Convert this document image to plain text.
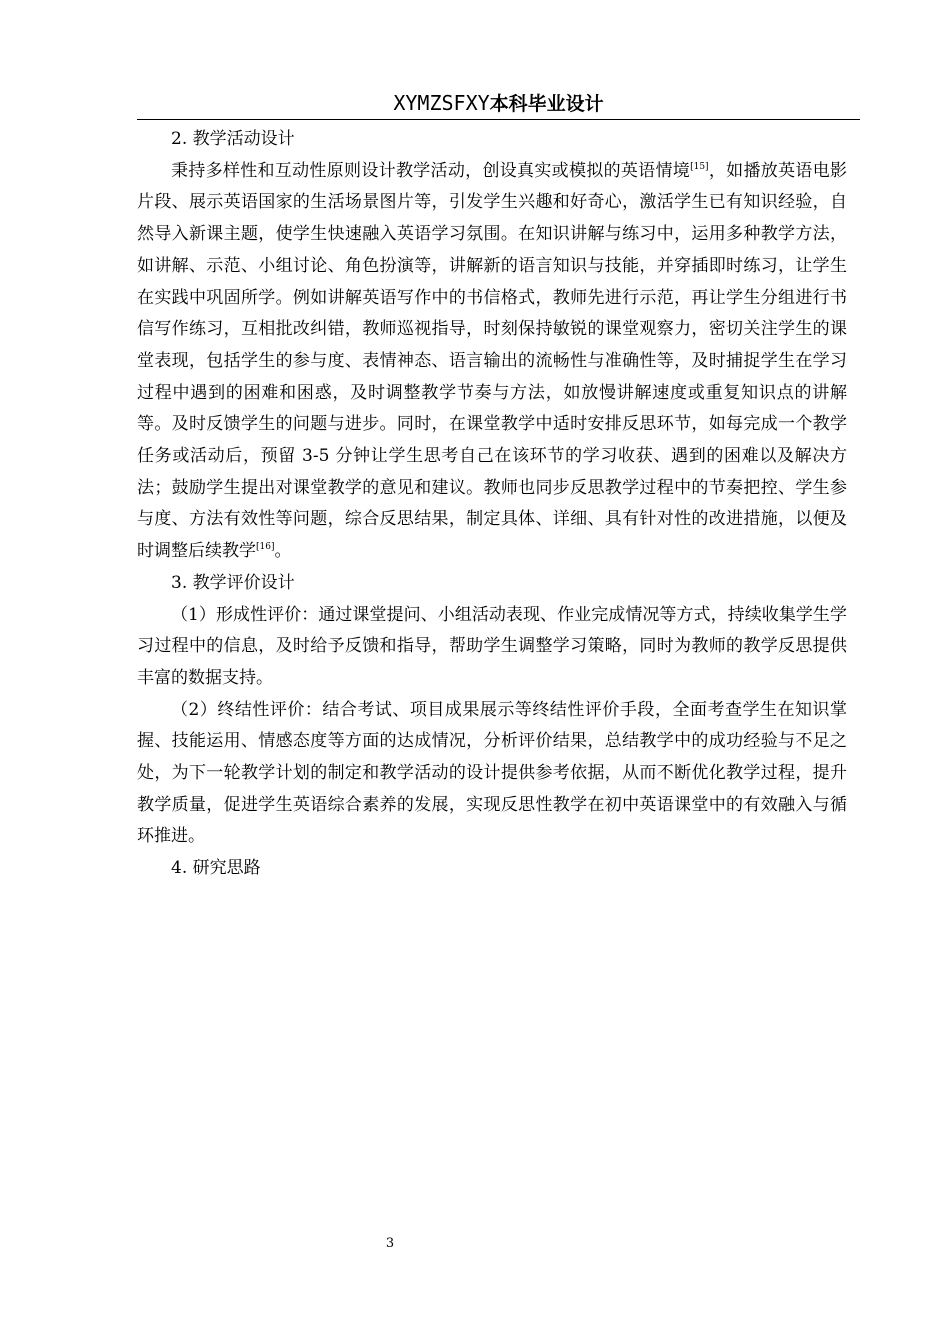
XYMZSFXY本科毕业设计

2. 教学活动设计

秉持多样性和互动性原则设计教学活动，创设真实或模拟的英语情境[15]，如播放英语电影片段、展示英语国家的生活场景图片等，引发学生兴趣和好奇心，激活学生已有知识经验，自然导入新课主题，使学生快速融入英语学习氛围。在知识讲解与练习中，运用多种教学方法，如讲解、示范、小组讨论、角色扮演等，讲解新的语言知识与技能，并穿插即时练习，让学生在实践中巩固所学。例如讲解英语写作中的书信格式，教师先进行示范，再让学生分组进行书信写作练习，互相批改纠错，教师巡视指导，时刻保持敏锐的课堂观察力，密切关注学生的课堂表现，包括学生的参与度、表情神态、语言输出的流畅性与准确性等，及时捕捉学生在学习过程中遇到的困难和困惑，及时调整教学节奏与方法，如放慢讲解速度或重复知识点的讲解等。及时反馈学生的问题与进步。同时，在课堂教学中适时安排反思环节，如每完成一个教学任务或活动后，预留 3-5 分钟让学生思考自己在该环节的学习收获、遇到的困难以及解决方法；鼓励学生提出对课堂教学的意见和建议。教师也同步反思教学过程中的节奏把控、学生参与度、方法有效性等问题，综合反思结果，制定具体、详细、具有针对性的改进措施，以便及时调整后续教学[16]。

3. 教学评价设计

（1）形成性评价：通过课堂提问、小组活动表现、作业完成情况等方式，持续收集学生学习过程中的信息，及时给予反馈和指导，帮助学生调整学习策略，同时为教师的教学反思提供丰富的数据支持。

（2）终结性评价：结合考试、项目成果展示等终结性评价手段，全面考查学生在知识掌握、技能运用、情感态度等方面的达成情况，分析评价结果，总结教学中的成功经验与不足之处，为下一轮教学计划的制定和教学活动的设计提供参考依据，从而不断优化教学过程，提升教学质量，促进学生英语综合素养的发展，实现反思性教学在初中英语课堂中的有效融入与循环推进。

4. 研究思路

3
